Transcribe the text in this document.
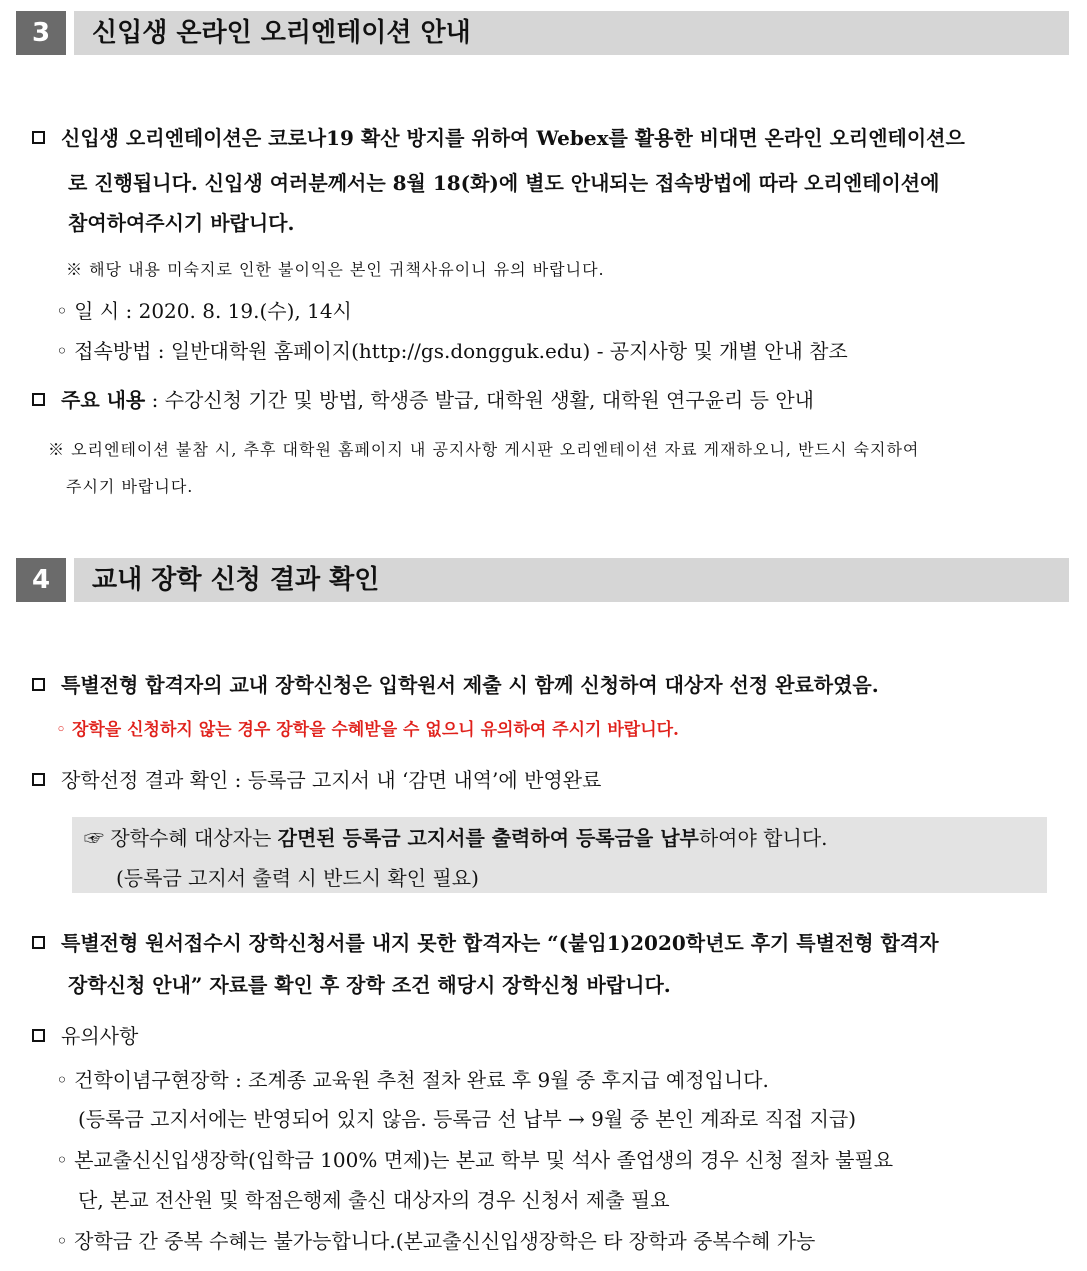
3	신입생 온라인 오리엔테이션 안내
신입생 오리엔테이션은 코로나19 확산 방지를 위하여 Webex를 활용한 비대면 온라인 오리엔테이션으
로 진행됩니다. 신입생 여러분께서는 8월 18(화)에 별도 안내되는 접속방법에 따라 오리엔테이션에
참여하여주시기 바랍니다.
※ 해당 내용 미숙지로 인한 불이익은 본인 귀책사유이니 유의 바랍니다.
◦ 일 시 : 2020. 8. 19.(수), 14시
◦ 접속방법 : 일반대학원 홈페이지(http://gs.dongguk.edu) - 공지사항 및 개별 안내 참조
주요 내용 : 수강신청 기간 및 방법, 학생증 발급, 대학원 생활, 대학원 연구윤리 등 안내
※ 오리엔테이션 불참 시, 추후 대학원 홈페이지 내 공지사항 게시판 오리엔테이션 자료 게재하오니, 반드시 숙지하여
주시기 바랍니다.
4	교내 장학 신청 결과 확인
특별전형 합격자의 교내 장학신청은 입학원서 제출 시 함께 신청하여 대상자 선정 완료하였음.
◦ 장학을 신청하지 않는 경우 장학을 수혜받을 수 없으니 유의하여 주시기 바랍니다.
장학선정 결과 확인 : 등록금 고지서 내 ‘감면 내역’에 반영완료
☞ 장학수혜 대상자는 감면된 등록금 고지서를 출력하여 등록금을 납부하여야 합니다.
(등록금 고지서 출력 시 반드시 확인 필요)
특별전형 원서접수시 장학신청서를 내지 못한 합격자는 “(붙임1)2020학년도 후기 특별전형 합격자
장학신청 안내” 자료를 확인 후 장학 조건 해당시 장학신청 바랍니다.
유의사항
◦ 건학이념구현장학 : 조계종 교육원 추천 절차 완료 후 9월 중 후지급 예정입니다.
(등록금 고지서에는 반영되어 있지 않음. 등록금 선 납부 → 9월 중 본인 계좌로 직접 지급)
◦ 본교출신신입생장학(입학금 100% 면제)는 본교 학부 및 석사 졸업생의 경우 신청 절차 불필요
단, 본교 전산원 및 학점은행제 출신 대상자의 경우 신청서 제출 필요
◦ 장학금 간 중복 수혜는 불가능합니다.(본교출신신입생장학은 타 장학과 중복수혜 가능
